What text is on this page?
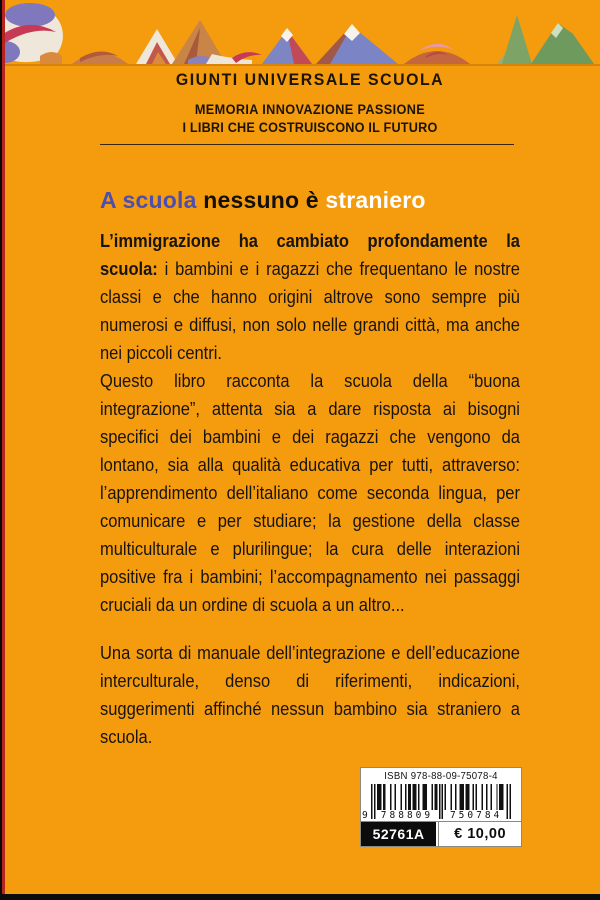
GIUNTI UNIVERSALE SCUOLA
MEMORIA INNOVAZIONE PASSIONE
I LIBRI CHE COSTRUISCONO IL FUTURO
A scuola nessuno è straniero

L’immigrazione ha cambiato profondamente la scuola: i bambini e i ragazzi che frequentano le nostre classi e che hanno origini altrove sono sempre più numerosi e diffusi, non solo nelle grandi città, ma anche nei piccoli centri.

Questo libro racconta la scuola della “buona integrazione”, attenta sia a dare risposta ai bisogni specifici dei bambini e dei ragazzi che vengono da lontano, sia alla qualità educativa per tutti, attraverso: l’apprendimento dell’italiano come seconda lingua, per comunicare e per studiare; la gestione della classe multiculturale e plurilingue; la cura delle interazioni positive fra i bambini; l’accompagnamento nei passaggi cruciali da un ordine di scuola a un altro...

Una sorta di manuale dell’integrazione e dell’educazione interculturale, denso di riferimenti, indicazioni, suggerimenti affinché nessun bambino sia straniero a scuola.

ISBN 978-88-09-75078-4
9	788809	750784
52761A	€ 10,00
